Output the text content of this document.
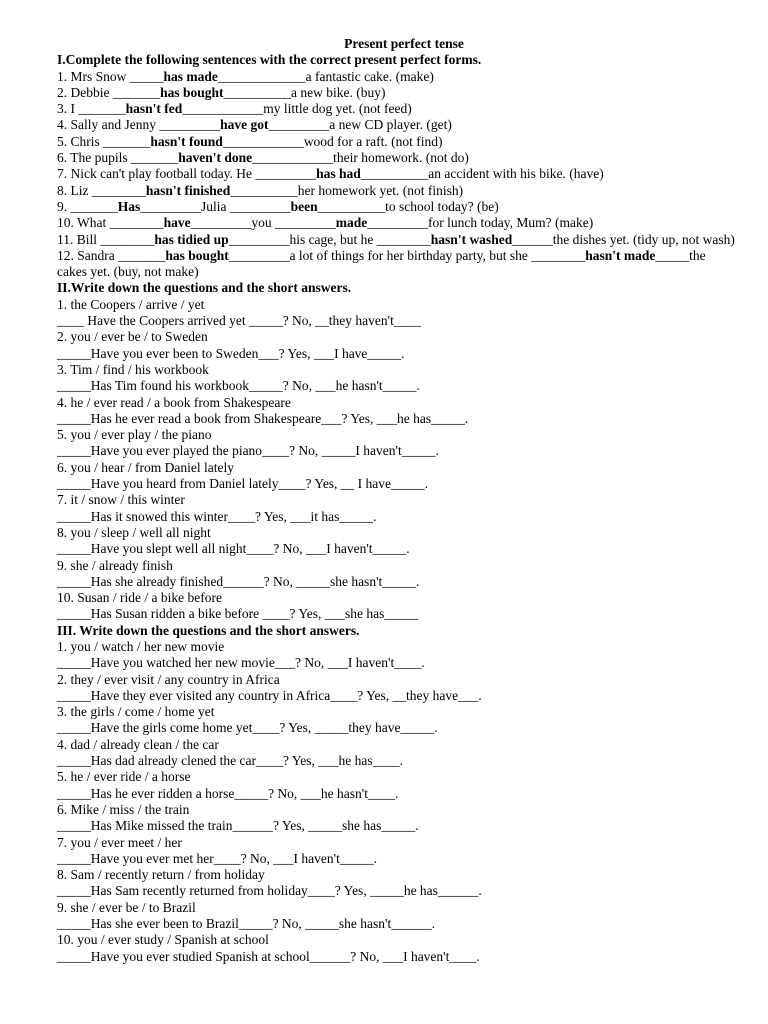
Present perfect tense
I.Complete the following sentences with the correct present perfect forms.
1. Mrs Snow _____has made_____________a fantastic cake. (make)
2. Debbie _______has bought__________a new bike. (buy)
3. I _______hasn't fed____________my little dog yet. (not feed)
4. Sally and Jenny _________have got_________a new CD player. (get)
5. Chris _______hasn't found____________wood for a raft. (not find)
6. The pupils _______haven't done____________their homework. (not do)
7. Nick can't play football today. He _________has had__________an accident with his bike. (have)
8. Liz ________hasn't finished__________her homework yet. (not finish)
9. _______Has_________Julia _________been__________to school today? (be)
10. What ________have_________you _________made_________for lunch today, Mum? (make)
11. Bill ________has tidied up_________his cage, but he ________hasn't washed______the dishes yet. (tidy up, not wash)
12. Sandra _______has bought_________a lot of things for her birthday party, but she ________hasn't made_____the cakes yet. (buy, not make)
II.Write down the questions and the short answers.
1. the Coopers / arrive / yet
____ Have the Coopers arrived yet _____? No, __they haven't____
2. you / ever be / to Sweden
_____Have you ever been to Sweden___? Yes, ___I have_____.
3. Tim / find / his workbook
_____Has Tim found his workbook_____? No, ___he hasn't_____.
4. he / ever read / a book from Shakespeare
_____Has he ever read a book from Shakespeare___? Yes, ___he has_____.
5. you / ever play / the piano
_____Have you ever played the piano____? No, _____I haven't_____.
6. you / hear / from Daniel lately
_____Have you heard from Daniel lately____? Yes, __ I have_____.
7. it / snow / this winter
_____Has it snowed this winter____? Yes, ___it has_____.
8. you / sleep / well all night
_____Have you slept well all night____? No, ___I haven't_____.
9. she / already finish
_____Has she already finished______? No, _____she hasn't_____.
10. Susan / ride / a bike before
_____Has Susan ridden a bike before ____? Yes, ___she has_____
III. Write down the questions and the short answers.
1. you / watch / her new movie
_____Have you watched her new movie___? No, ___I haven't____.
2. they / ever visit / any country in Africa
_____Have they ever visited any country in Africa____? Yes, __they have___.
3. the girls / come / home yet
_____Have the girls come home yet____? Yes, _____they have_____.
4. dad / already clean / the car
_____Has dad already clened the car____? Yes, ___he has____.
5. he / ever ride / a horse
_____Has he ever ridden a horse_____? No, ___he hasn't____.
6. Mike / miss / the train
_____Has Mike missed the train______? Yes, _____she has_____.
7. you / ever meet / her
_____Have you ever met her____? No, ___I haven't_____.
8. Sam / recently return / from holiday
_____Has Sam recently returned from holiday____? Yes, _____he has______.
9. she / ever be / to Brazil
_____Has she ever been to Brazil_____? No, _____she hasn't______.
10. you / ever study / Spanish at school
_____Have you ever studied Spanish at school______? No, ___I haven't____.
